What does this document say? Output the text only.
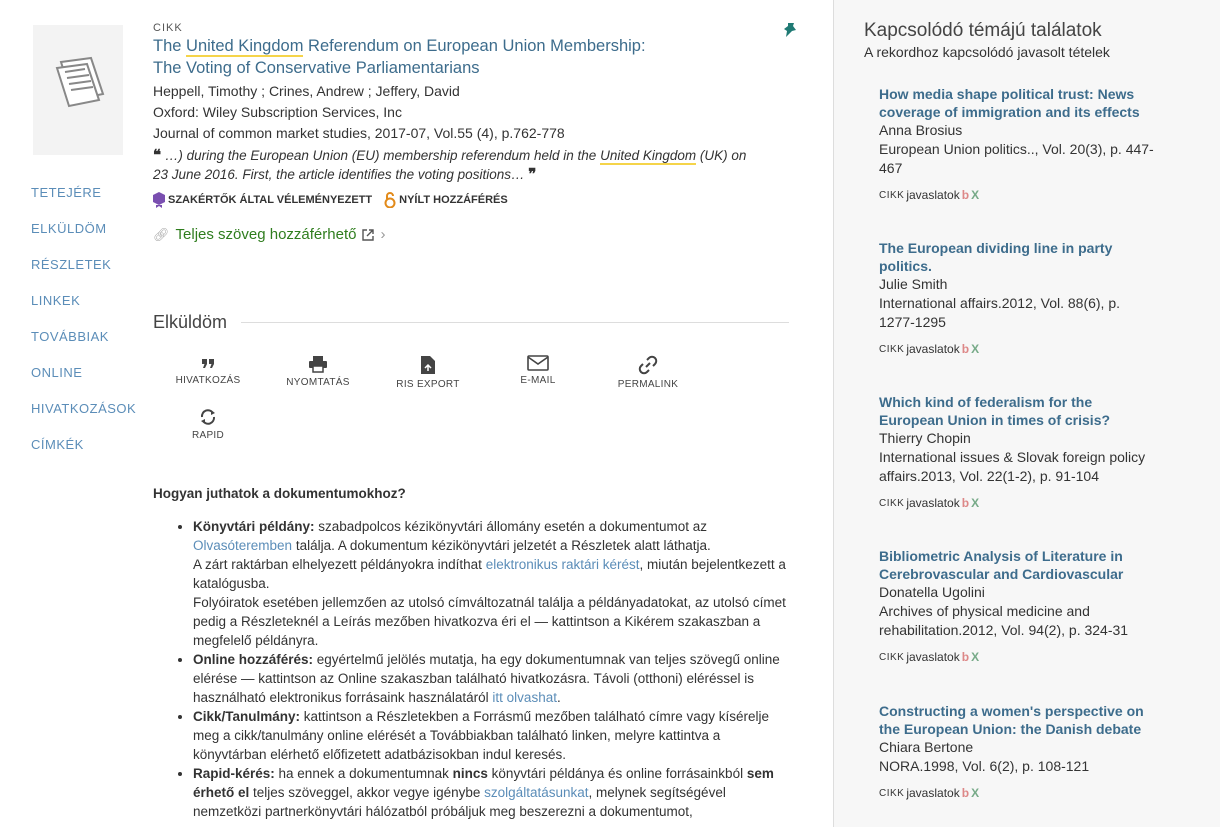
TETEJÉRE
ELKÜLDÖM
RÉSZLETEK
LINKEK
TOVÁBBIAK
ONLINE
HIVATKOZÁSOK
CÍMKÉK
CIKK
The United Kingdom Referendum on European Union Membership:
The Voting of Conservative Parliamentarians
Heppell, Timothy ; Crines, Andrew ; Jeffery, David
Oxford: Wiley Subscription Services, Inc
Journal of common market studies, 2017-07, Vol.55 (4), p.762-778
❝ …) during the European Union (EU) membership referendum held in the United Kingdom (UK) on 23 June 2016. First, the article identifies the voting positions… ❞
SZAKÉRTŐK ÁLTAL VÉLEMÉNYEZETT NYÍLT HOZZÁFÉRÉS
🔗︎ Teljes szöveg hozzáférhető ›
Elküldöm
HIVATKOZÁS	NYOMTATÁS	RIS EXPORT	E-MAIL	PERMALINK
RAPID
Hogyan juthatok a dokumentumokhoz?
• Könyvtári példány: szabadpolcos kézikönyvtári állomány esetén a dokumentumot az Olvasóteremben találja. A dokumentum kézikönyvtári jelzetét a Részletek alatt láthatja.
A zárt raktárban elhelyezett példányokra indíthat elektronikus raktári kérést, miután bejelentkezett a katalógusba.
Folyóiratok esetében jellemzően az utolsó címváltozatnál találja a példányadatokat, az utolsó címet pedig a Részleteknél a Leírás mezőben hivatkozva éri el — kattintson a Kikérem szakaszban a megfelelő példányra.
• Online hozzáférés: egyértelmű jelölés mutatja, ha egy dokumentumnak van teljes szövegű online elérése — kattintson az Online szakaszban található hivatkozásra. Távoli (otthoni) eléréssel is használható elektronikus forrásaink használatáról itt olvashat.
• Cikk/Tanulmány: kattintson a Részletekben a Forrásmű mezőben található címre vagy kísérelje meg a cikk/tanulmány online elérését a Továbbiakban található linken, melyre kattintva a könyvtárban elérhető előfizetett adatbázisokban indul keresés.
• Rapid-kérés: ha ennek a dokumentumnak nincs könyvtári példánya és online forrásainkból sem érhető el teljes szöveggel, akkor vegye igénybe szolgáltatásunkat, melynek segítségével nemzetközi partnerkönyvtári hálózatból próbáljuk meg beszerezni a dokumentumot,
Kapcsolódó témájú találatok
A rekordhoz kapcsolódó javasolt tételek
How media shape political trust: News coverage of immigration and its effects
Anna Brosius
European Union politics.., Vol. 20(3), p. 447-467
CIKK javaslatok b X
The European dividing line in party politics.
Julie Smith
International affairs.2012, Vol. 88(6), p. 1277-1295
CIKK javaslatok b X
Which kind of federalism for the European Union in times of crisis?
Thierry Chopin
International issues & Slovak foreign policy affairs.2013, Vol. 22(1-2), p. 91-104
CIKK javaslatok b X
Bibliometric Analysis of Literature in Cerebrovascular and Cardiovascular
Donatella Ugolini
Archives of physical medicine and rehabilitation.2012, Vol. 94(2), p. 324-31
CIKK javaslatok b X
Constructing a women's perspective on the European Union: the Danish debate
Chiara Bertone
NORA.1998, Vol. 6(2), p. 108-121
CIKK javaslatok b X
